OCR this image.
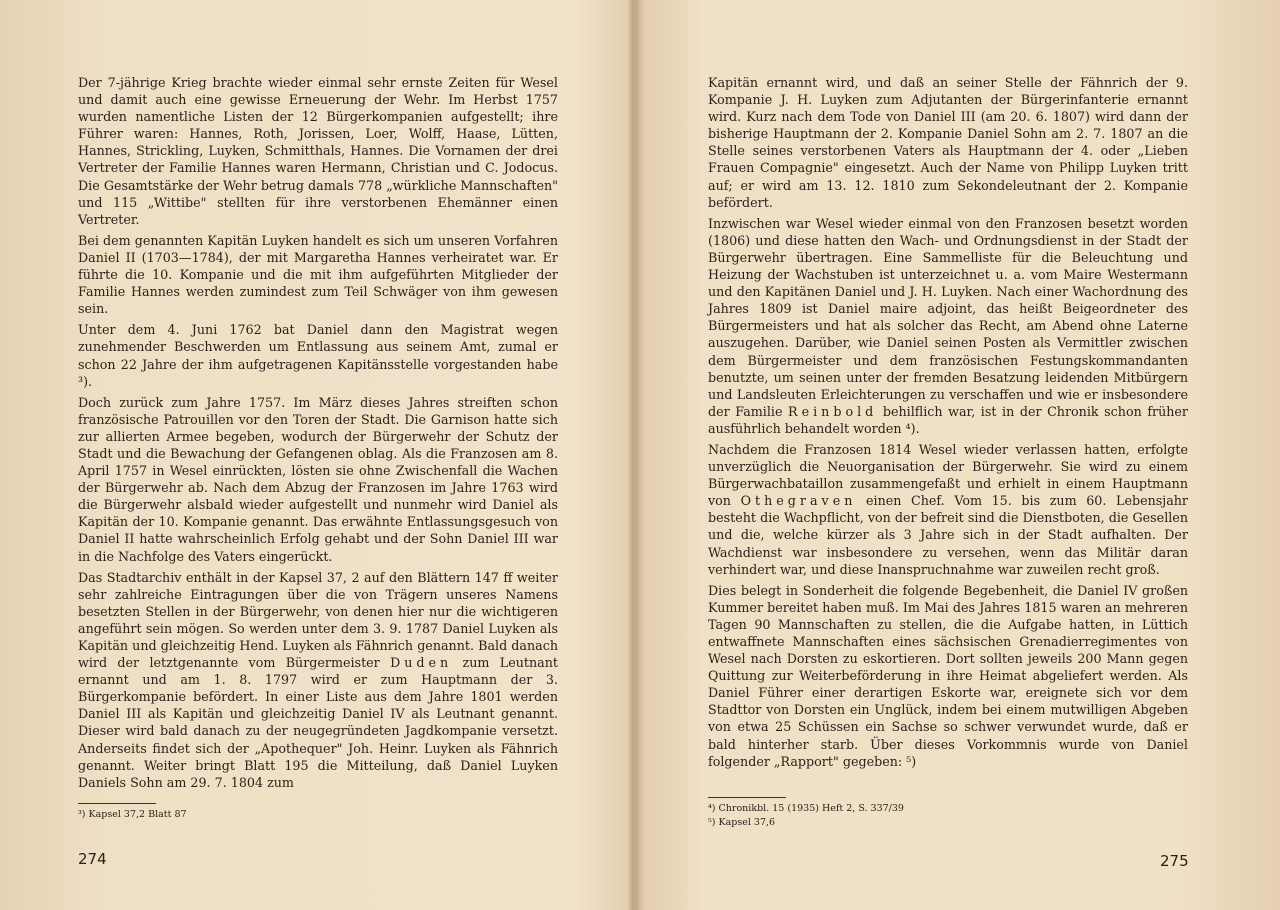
Der 7-jährige Krieg brachte wieder einmal sehr ernste Zeiten für Wesel und damit auch eine gewisse Erneuerung der Wehr. Im Herbst 1757 wurden namentliche Listen der 12 Bürgerkompanien aufgestellt; ihre Führer waren: Hannes, Roth, Jorissen, Loer, Wolff, Haase, Lütten, Hannes, Strickling, Luyken, Schmitthals, Hannes. Die Vornamen der drei Vertreter der Familie Hannes waren Hermann, Christian und C. Jodocus. Die Gesamtstärke der Wehr betrug damals 778 „würkliche Mannschaften" und 115 „Wittibe" stellten für ihre verstorbenen Ehemänner einen Vertreter.

Bei dem genannten Kapitän Luyken handelt es sich um unseren Vorfahren Daniel II (1703—1784), der mit Margaretha Hannes verheiratet war. Er führte die 10. Kompanie und die mit ihm aufgeführten Mitglieder der Familie Hannes werden zumindest zum Teil Schwäger von ihm gewesen sein.

Unter dem 4. Juni 1762 bat Daniel dann den Magistrat wegen zunehmender Beschwerden um Entlassung aus seinem Amt, zumal er schon 22 Jahre der ihm aufgetragenen Kapitänsstelle vorgestanden habe ³).

Doch zurück zum Jahre 1757. Im März dieses Jahres streiften schon französische Patrouillen vor den Toren der Stadt. Die Garnison hatte sich zur allierten Armee begeben, wodurch der Bürgerwehr der Schutz der Stadt und die Bewachung der Gefangenen oblag. Als die Franzosen am 8. April 1757 in Wesel einrückten, lösten sie ohne Zwischenfall die Wachen der Bürgerwehr ab. Nach dem Abzug der Franzosen im Jahre 1763 wird die Bürgerwehr alsbald wieder aufgestellt und nunmehr wird Daniel als Kapitän der 10. Kompanie genannt. Das erwähnte Entlassungsgesuch von Daniel II hatte wahrscheinlich Erfolg gehabt und der Sohn Daniel III war in die Nachfolge des Vaters eingerückt.

Das Stadtarchiv enthält in der Kapsel 37, 2 auf den Blättern 147 ff weiter sehr zahlreiche Eintragungen über die von Trägern unseres Namens besetzten Stellen in der Bürgerwehr, von denen hier nur die wichtigeren angeführt sein mögen. So werden unter dem 3. 9. 1787 Daniel Luyken als Kapitän und gleichzeitig Hend. Luyken als Fähnrich genannt. Bald danach wird der letztgenannte vom Bürgermeister Duden zum Leutnant ernannt und am 1. 8. 1797 wird er zum Hauptmann der 3. Bürgerkompanie befördert. In einer Liste aus dem Jahre 1801 werden Daniel III als Kapitän und gleichzeitig Daniel IV als Leutnant genannt. Dieser wird bald danach zu der neugegründeten Jagdkompanie versetzt. Anderseits findet sich der „Apothequer" Joh. Heinr. Luyken als Fähnrich genannt. Weiter bringt Blatt 195 die Mitteilung, daß Daniel Luyken Daniels Sohn am 29. 7. 1804 zum

³) Kapsel 37,2 Blatt 87

274

Kapitän ernannt wird, und daß an seiner Stelle der Fähnrich der 9. Kompanie J. H. Luyken zum Adjutanten der Bürgerinfanterie ernannt wird. Kurz nach dem Tode von Daniel III (am 20. 6. 1807) wird dann der bisherige Hauptmann der 2. Kompanie Daniel Sohn am 2. 7. 1807 an die Stelle seines verstorbenen Vaters als Hauptmann der 4. oder „Lieben Frauen Compagnie" eingesetzt. Auch der Name von Philipp Luyken tritt auf; er wird am 13. 12. 1810 zum Sekondeleutnant der 2. Kompanie befördert.

Inzwischen war Wesel wieder einmal von den Franzosen besetzt worden (1806) und diese hatten den Wach- und Ordnungsdienst in der Stadt der Bürgerwehr übertragen. Eine Sammelliste für die Beleuchtung und Heizung der Wachstuben ist unterzeichnet u. a. vom Maire Westermann und den Kapitänen Daniel und J. H. Luyken. Nach einer Wachordnung des Jahres 1809 ist Daniel maire adjoint, das heißt Beigeordneter des Bürgermeisters und hat als solcher das Recht, am Abend ohne Laterne auszugehen. Darüber, wie Daniel seinen Posten als Vermittler zwischen dem Bürgermeister und dem französischen Festungskommandanten benutzte, um seinen unter der fremden Besatzung leidenden Mitbürgern und Landsleuten Erleichterungen zu verschaffen und wie er insbesondere der Familie Reinbold behilflich war, ist in der Chronik schon früher ausführlich behandelt worden ⁴).

Nachdem die Franzosen 1814 Wesel wieder verlassen hatten, erfolgte unverzüglich die Neuorganisation der Bürgerwehr. Sie wird zu einem Bürgerwachbataillon zusammengefaßt und erhielt in einem Hauptmann von Othegraven einen Chef. Vom 15. bis zum 60. Lebensjahr besteht die Wachpflicht, von der befreit sind die Dienstboten, die Gesellen und die, welche kürzer als 3 Jahre sich in der Stadt aufhalten. Der Wachdienst war insbesondere zu versehen, wenn das Militär daran verhindert war, und diese Inanspruchnahme war zuweilen recht groß.

Dies belegt in Sonderheit die folgende Begebenheit, die Daniel IV großen Kummer bereitet haben muß. Im Mai des Jahres 1815 waren an mehreren Tagen 90 Mannschaften zu stellen, die die Aufgabe hatten, in Lüttich entwaffnete Mannschaften eines sächsischen Grenadierregimentes von Wesel nach Dorsten zu eskortieren. Dort sollten jeweils 200 Mann gegen Quittung zur Weiterbeförderung in ihre Heimat abgeliefert werden. Als Daniel Führer einer derartigen Eskorte war, ereignete sich vor dem Stadttor von Dorsten ein Unglück, indem bei einem mutwilligen Abgeben von etwa 25 Schüssen ein Sachse so schwer verwundet wurde, daß er bald hinterher starb. Über dieses Vorkommnis wurde von Daniel folgender „Rapport" gegeben: ⁵)

⁴) Chronikbl. 15 (1935) Heft 2, S. 337/39

⁵) Kapsel 37,6

275
